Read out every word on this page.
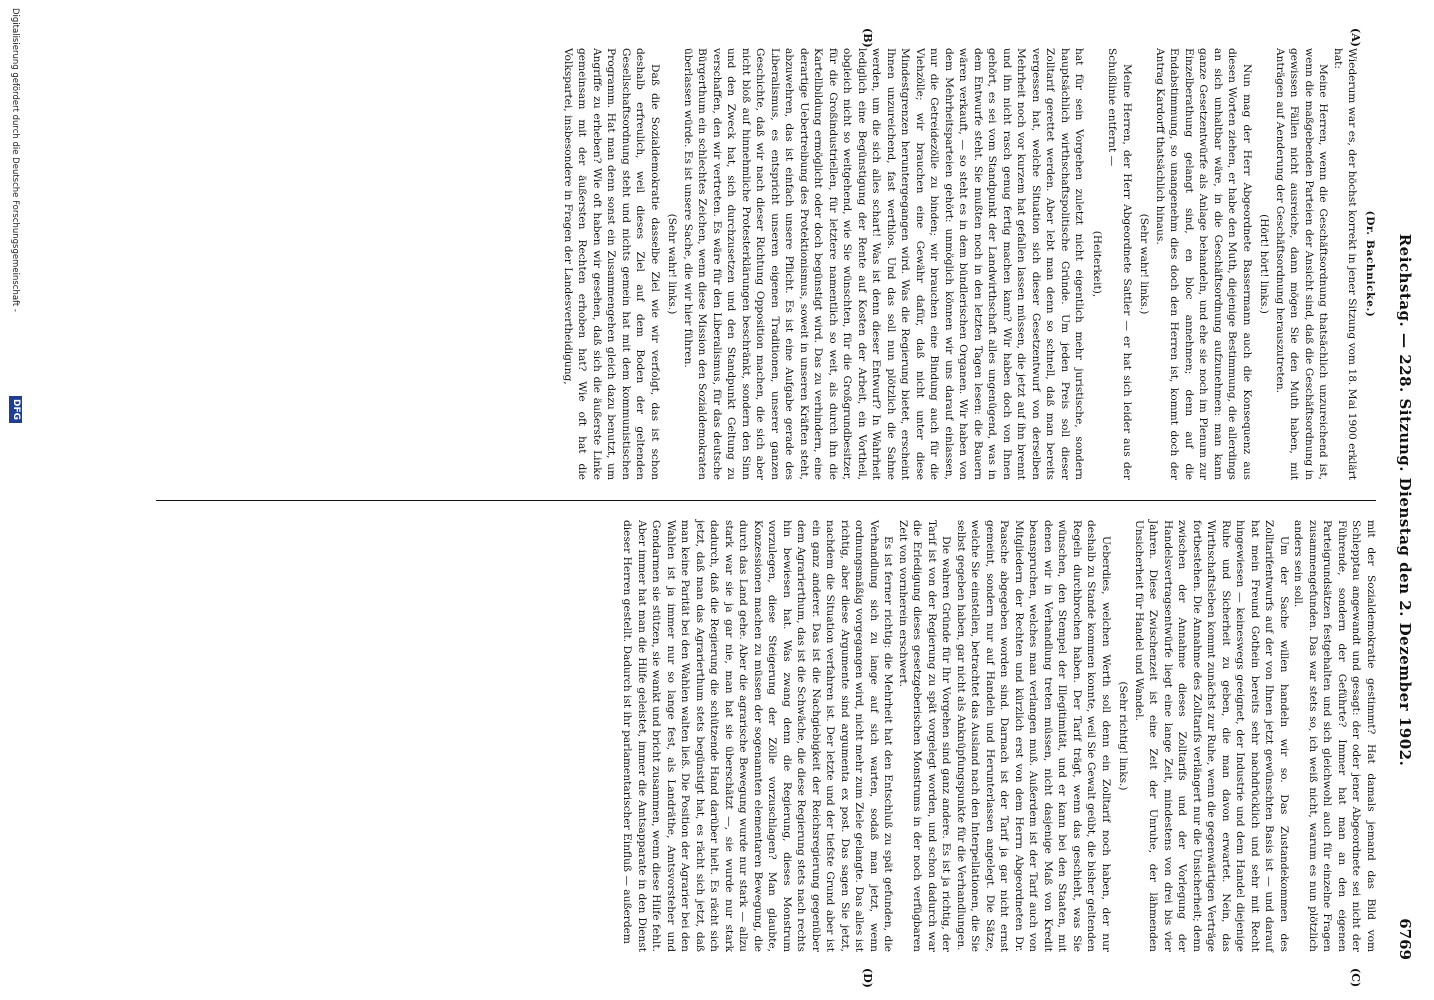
Reichstag. — 228. Sitzung. Dienstag den 2. Dezember 1902.
6769
(A)
(B)
(C)
(D)

(Dr. Bachnicke.)

Wiederum war es, der höchst korrekt in jener Sitzung vom 18. Mai 1900 erklärt hat:

Meine Herren, wenn die Geschäftsordnung thatsächlich unzureichend ist, wenn die maßgebenden Parteien der Ansicht sind, daß die Geschäftsordnung in gewissen Fällen nicht ausreiche, dann mögen Sie den Muth haben, mit Anträgen auf Aenderung der Geschäftsordnung herauszutreten.

(Hört! hört! links.)

Nun mag der Herr Abgeordnete Bassermann auch die Konsequenz aus diesen Worten ziehen, er habe den Muth, diejenige Bestimmung, die allerdings an sich unhaltbar wäre, in die Geschäftsordnung aufzunehmen: man kann ganze Gesetzentwürfe als Anlage behandeln, und ehe sie noch im Plenum zur Einzelberathung gelangt sind, en bloc annehmen; denn auf die Endabstimmung, so unangenehm dies doch den Herren ist, kommt doch der Antrag Kardorff thatsächlich hinaus.

(Sehr wahr! links.)

Meine Herren, der Herr Abgeordnete Sattler — er hat sich leider aus der Schußlinie entfernt —

(Heiterkeit),

hat für sein Vorgehen zuletzt nicht eigentlich mehr juristische, sondern hauptsächlich wirthschaftspolitische Gründe. Um jeden Preis soll dieser Zolltarif gerettet werden. Aber lebt man denn so schnell, daß man bereits vergessen hat, welche Situation sich dieser Gesetzentwurf von derselben Mehrheit noch vor kurzem hat gefallen lassen müssen, die jetzt auf ihn brennt und ihn nicht rasch genug fertig machen kann? Wir haben doch von Ihnen gehört, es sei vom Standpunkt der Landwirthschaft alles ungenügend, was in dem Entwurfe steht. Sie mußten noch in den letzten Tagen lesen: die Bauern wären verkauft, — so steht es in dem bündlerischen Organen. Wir haben von dem Mehrheitsparteien gehört: unmöglich können wir uns darauf einlassen, nur die Getreidezölle zu binden; wir brauchen eine Bindung auch für die Viehzölle; wir brauchen eine Gewähr dafür, daß nicht unter diese Mindestgrenzen heruntergegangen wird. Was die Regierung bietet, erscheint Ihnen unzureichend, fast werthlos. Und das soll nun plötzlich die Sahne werden, um die sich alles schart! Was ist denn dieser Entwurf? In Wahrheit lediglich eine Begünstigung der Rente auf Kosten der Arbeit, ein Vortheil, obgleich nicht so weitgehend, wie Sie wünschten, für die Großgrundbesitzer, für die Großindustriellen, für letztere namentlich so weit, als durch ihn die Kartellbildung ermöglicht oder doch begünstigt wird. Das zu verhindern, eine derartige Uebertreibung des Protektionismus, soweit in unseren Kräften steht, abzuwehren, das ist einfach unsere Pflicht. Es ist eine Aufgabe gerade des Liberalismus, es entspricht unseren eigenen Traditionen, unserer ganzen Geschichte, daß wir nach dieser Richtung Opposition machen, die sich aber nicht bloß auf hinnehmliche Protesterklärungen beschränkt, sondern den Sinn und den Zweck hat, sich durchzusetzen und den Standpunkt Geltung zu verschaffen, den wir vertreten. Es wäre für den Liberalismus, für das deutsche Bürgerthum ein schlechtes Zeichen, wenn diese Mission den Sozialdemokraten überlassen würde. Es ist unsere Sache, die wir hier führen.

(Sehr wahr! links.)

Daß die Sozialdemokratie dasselbe Ziel wie wir verfolgt, das ist schon deshalb erfreulich, weil dieses Ziel auf dem Boden der geltenden Gesellschaftsordnung steht und nichts gemein hat mit dem kommunistischen Programm. Hat man denn sonst ein Zusammengehen gleich dazu benutzt, um Angriffe zu erheben? Wie oft haben wir gesehen, daß sich die äußerste Linke gemeinsam mit der äußersten Rechten erhoben hat? Wie oft hat die Volkspartei, insbesondere in Fragen der Landesvertheidigung,

mit der Sozialdemokratie gestimmt? Hat damals jemand das Bild vom Schlepptau angewandt und gesagt: der oder jener Abgeordnete sei nicht der Führende, sondern der Geführte? Immer hat man an den eigenen Parteigrundsätzen festgehalten und sich gleichwohl auch für einzelne Fragen zusammengefunden. Das war stets so, ich weiß nicht, warum es nun plötzlich anders sein soll.

Um der Sache willen handeln wir so. Das Zustandekommen des Zolltarifentwurfs auf der von Ihnen jetzt gewünschten Basis ist — und darauf hat mein Freund Gothein bereits sehr nachdrücklich und sehr mit Recht hingewiesen — keineswegs geeignet, der Industrie und dem Handel diejenige Ruhe und Sicherheit zu geben, die man davon erwartet. Nein, das Wirthschaftsleben kommt zunächst zur Ruhe, wenn die gegenwärtigen Verträge fortbestehen. Die Annahme des Zolltarifs verlängert nur die Unsicherheit; denn zwischen der Annahme dieses Zolltarifs und der Vorlegung der Handelsvertragsentwürfe liegt eine lange Zeit, mindestens von drei bis vier Jahren. Diese Zwischenzeit ist eine Zeit der Unruhe, der lähmenden Unsicherheit für Handel und Wandel.

(Sehr richtig! links.)

Ueberdies, welchen Werth soll denn ein Zolltarif noch haben, der nur deshalb zu Stande kommen konnte, weil Sie Gewalt geübt, die bisher geltenden Regeln durchbrochen haben. Der Tarif trägt, wenn das geschieht, was Sie wünschen, den Stempel der Illegitimität, und er kann bei den Staaten, mit denen wir in Verhandlung treten müssen, nicht dasjenige Maß von Kredit beanspruchen, welches man verlangen muß. Außerdem ist der Tarif auch von Mitgliedern der Rechten und kürzlich erst von dem Herrn Abgeordneten Dr. Paasche abgegeben worden sind. Darnach ist der Tarif ja gar nicht ernst gemeint, sondern nur auf Handeln und Herunterlassen angelegt. Die Sätze, welche Sie einstellen, betrachtet das Ausland nach den Interpellationen, die Sie selbst gegeben haben, gar nicht als Anknüpfungspunkte für die Verhandlungen.

Die wahren Gründe für Ihr Vorgehen sind ganz andere. Es ist ja richtig, der Tarif ist von der Regierung zu spät vorgelegt worden, und schon dadurch war die Erledigung dieses gesetzgeberischen Monstrums in der noch verfügbaren Zeit von vornherein erschwert.

Es ist ferner richtig: die Mehrheit hat den Entschluß zu spät gefunden, die Verhandlung sich zu lange auf sich warten, sodaß man jetzt, wenn ordnungsmäßig vorgegangen wird, nicht mehr zum Ziele gelangte. Das alles ist richtig, aber diese Argumente sind argumenta ex post. Das sagen Sie jetzt, nachdem die Situation verfahren ist. Der letzte und der tiefste Grund aber ist ein ganz anderer. Das ist die Nachgiebigkeit der Reichsregierung gegenüber dem Agrarierthum, das ist die Schwäche, die diese Regierung stets nach rechts hin bewiesen hat. Was zwang denn die Regierung, dieses Monstrum vorzulegen, diese Steigerung der Zölle vorzuschlagen? Man glaubte, Konzessionen machen zu müssen der sogenannten elementaren Bewegung, die durch das Land gehe. Aber die agrarische Bewegung wurde nur stark — allzu stark war sie ja gar nie, man hat sie überschätzt —, sie wurde nur stark dadurch, daß die Regierung die schützende Hand darüber hielt. Es rächt sich jetzt, daß man das Agrarierthum stets begünstigt hat, es rächt sich jetzt, daß man keine Parität bei den Wahlen walten ließ. Die Position der Agrarier bei den Wahlen ist ja immer nur so lange fest, als Landräthe, Amtsvorsteher und Gendarmen sie stützen, sie wankt und bricht zusammen, wenn diese Hilfe fehlt. Aber immer hat man die Hilfe geleistet, immer die Amtsapparate in den Dienst dieser Herren gestellt. Dadurch ist ihr parlamentarischer Einfluß — außerdem

Digitalisierung gefördert durch die Deutsche Forschungsgemeinschaft -
DFG
